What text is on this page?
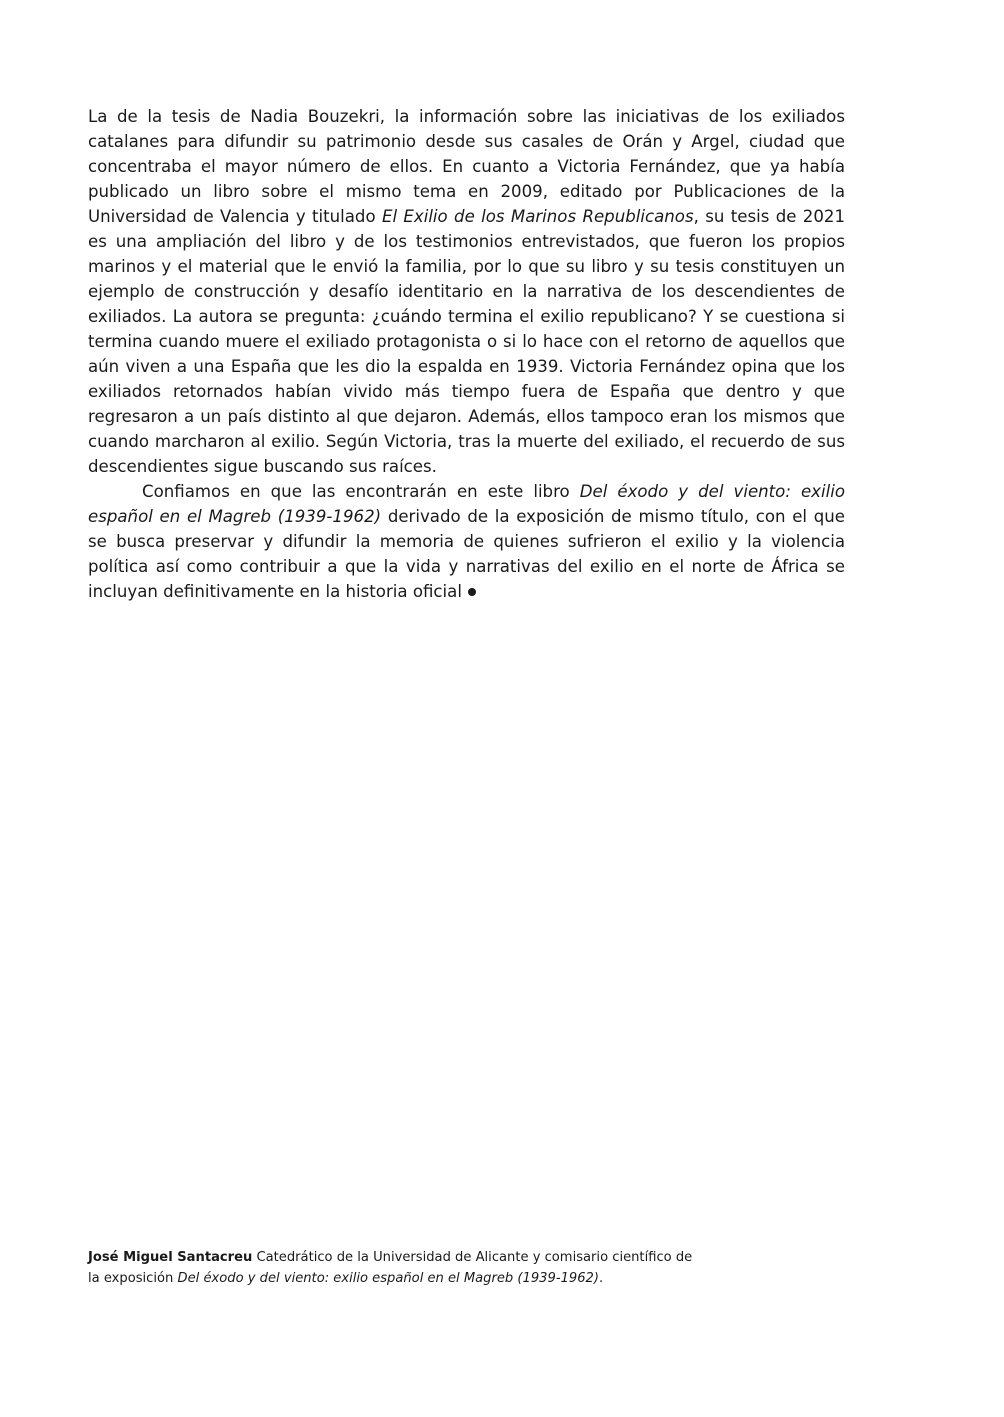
La de la tesis de Nadia Bouzekri, la información sobre las iniciativas de los exiliados catalanes para difundir su patrimonio desde sus casales de Orán y Argel, ciudad que concentraba el mayor número de ellos. En cuanto a Victoria Fernández, que ya había publicado un libro sobre el mismo tema en 2009, editado por Publicaciones de la Universidad de Valencia y titulado El Exilio de los Marinos Republicanos, su tesis de 2021 es una ampliación del libro y de los testimonios entrevistados, que fueron los propios marinos y el material que le envió la familia, por lo que su libro y su tesis constituyen un ejemplo de construcción y desafío identitario en la narrativa de los descendientes de exiliados. La autora se pregunta: ¿cuándo termina el exilio republicano? Y se cuestiona si termina cuando muere el exiliado protagonista o si lo hace con el retorno de aquellos que aún viven a una España que les dio la espalda en 1939. Victoria Fernández opina que los exiliados retornados habían vivido más tiempo fuera de España que dentro y que regresaron a un país distinto al que dejaron. Además, ellos tampoco eran los mismos que cuando marcharon al exilio. Según Victoria, tras la muerte del exiliado, el recuerdo de sus descendientes sigue buscando sus raíces.

Confiamos en que las encontrarán en este libro Del éxodo y del viento: exilio español en el Magreb (1939-1962) derivado de la exposición de mismo título, con el que se busca preservar y difundir la memoria de quienes sufrieron el exilio y la violencia política así como contribuir a que la vida y narrativas del exilio en el norte de África se incluyan definitivamente en la historia oficial

José Miguel Santacreu Catedrático de la Universidad de Alicante y comisario científico de la exposición Del éxodo y del viento: exilio español en el Magreb (1939-1962).
